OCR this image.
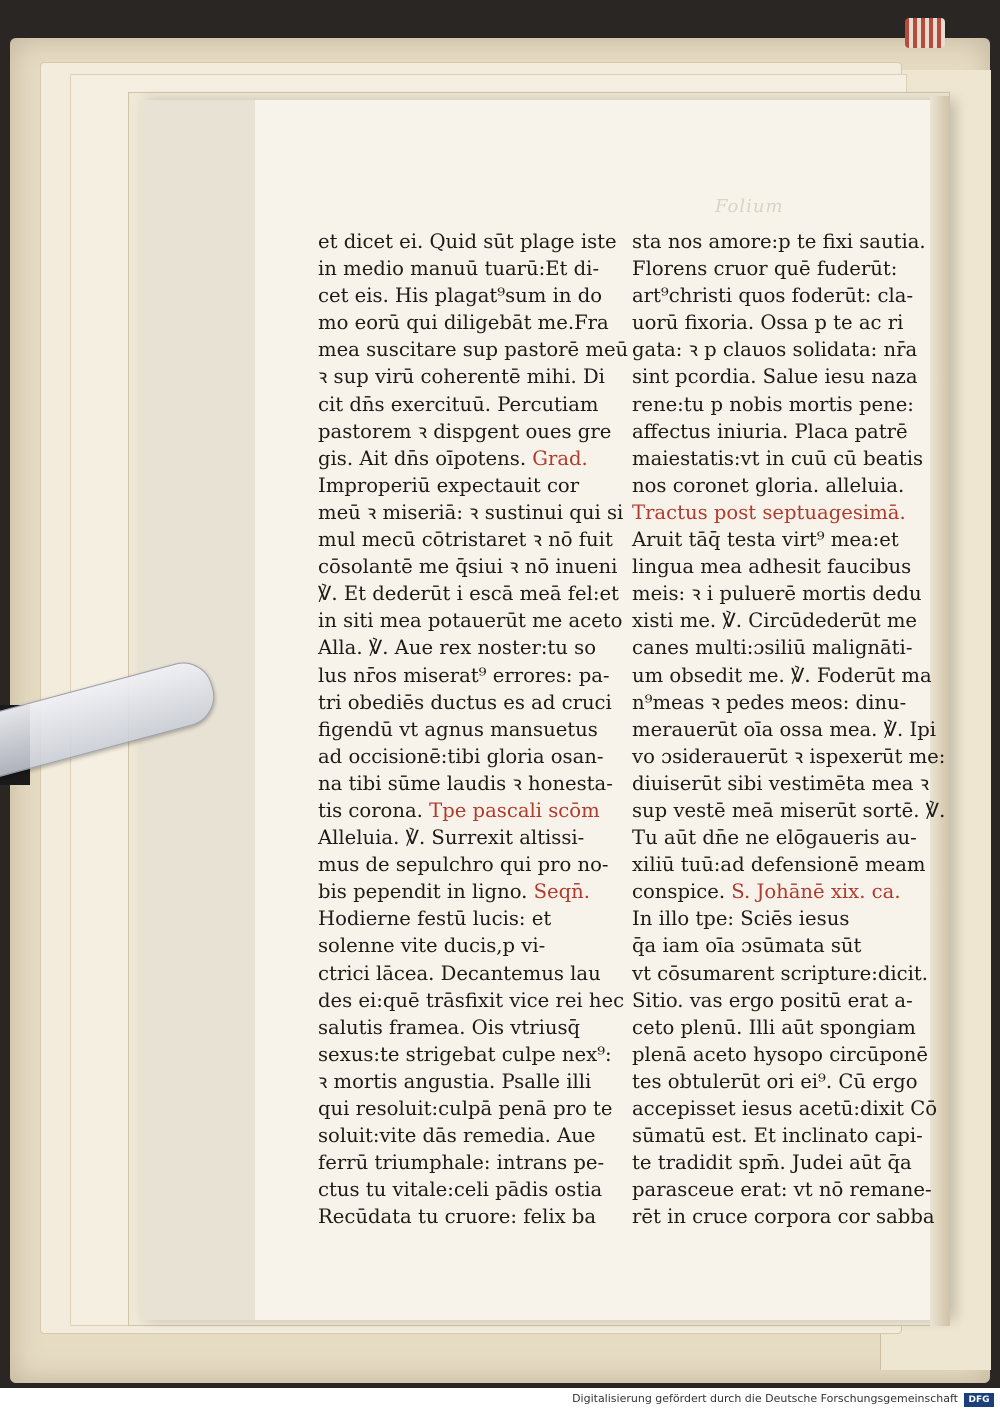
Folium
et dicet ei. Quid sūt plage iste
in medio manuū tuarū:Et di-
cet eis. His plagat⁹sum in do
mo eorū qui diligebāt me.Fra
mea suscitare sup pastorē meū
ꝛ sup virū coherentē mihi. Di
cit dn̄s exercituū. Percutiam
pastorem ꝛ dispgent oues gre
gis. Ait dn̄s oīpotens. Grad.
Improperiū expectauit cor
meū ꝛ miseriā: ꝛ sustinui qui si
mul mecū cōtristaret ꝛ nō fuit
cōsolantē me q̄siui ꝛ nō inueni
℣. Et dederūt i escā meā fel:et
in siti mea potauerūt me aceto
Alla. ℣. Aue rex noster:tu so
lus nr̄os miserat⁹ errores: pa-
tri obediēs ductus es ad cruci
figendū vt agnus mansuetus
ad occisionē:tibi gloria osan-
na tibi sūme laudis ꝛ honesta-
tis corona. Tpe pascali scōm
Alleluia. ℣. Surrexit altissi-
mus de sepulchro qui pro no-
bis pependit in ligno. Seqn̄.
Hodierne festū lucis: et
solenne vite ducis,p vi-
ctrici lācea. Decantemus lau
des ei:quē trāsfixit vice rei hec
salutis framea. Ois vtriusq̄
sexus:te strigebat culpe nex⁹:
ꝛ mortis angustia. Psalle illi
qui resoluit:culpā penā pro te
soluit:vite dās remedia. Aue
ferrū triumphale: intrans pe-
ctus tu vitale:celi pādis ostia
Recūdata tu cruore: felix ba
sta nos amore:p te fixi sautia.
Florens cruor quē fuderūt:
art⁹christi quos foderūt: cla-
uorū fixoria. Ossa p te ac ri
gata: ꝛ p clauos solidata: nr̄a
sint pcordia. Salue iesu naza
rene:tu p nobis mortis pene:
affectus iniuria. Placa patrē
maiestatis:vt in cuū cū beatis
nos coronet gloria. alleluia.
Tractus post septuagesimā.
Aruit tāq̄ testa virt⁹ mea:et
lingua mea adhesit faucibus
meis: ꝛ i puluerē mortis dedu
xisti me. ℣. Circūdederūt me
canes multi:ɔsiliū malignāti-
um obsedit me. ℣. Foderūt ma
n⁹meas ꝛ pedes meos: dinu-
merauerūt oīa ossa mea. ℣. Ipi
vo ɔsiderauerūt ꝛ ispexerūt me:
diuiserūt sibi vestimēta mea ꝛ
sup vestē meā miserūt sortē. ℣.
Tu aūt dn̄e ne elōgaueris au-
xiliū tuū:ad defensionē meam
conspice. S. Johānē xix. ca.
In illo tpe: Sciēs iesus
q̄a iam oīa ɔsūmata sūt
vt cōsumarent scripture:dicit.
Sitio. vas ergo positū erat a-
ceto plenū. Illi aūt spongiam
plenā aceto hysopo circūponē
tes obtulerūt ori ei⁹. Cū ergo
accepisset iesus acetū:dixit Cō
sūmatū est. Et inclinato capi-
te tradidit spm̄. Judei aūt q̄a
parasceue erat: vt nō remane-
rēt in cruce corpora cor sabba
Digitalisierung gefördert durch die Deutsche Forschungsgemeinschaft	DFG
